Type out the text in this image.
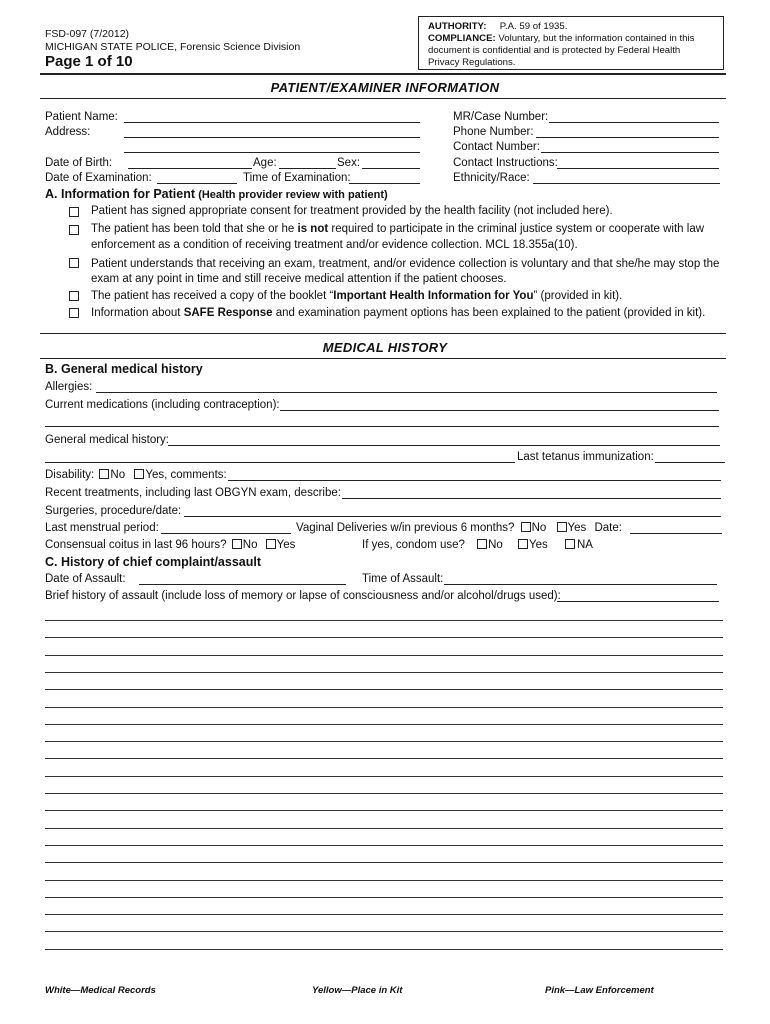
FSD-097 (7/2012)
MICHIGAN STATE POLICE, Forensic Science Division
Page 1 of 10
AUTHORITY: P.A. 59 of 1935.
COMPLIANCE: Voluntary, but the information contained in this
document is confidential and is protected by Federal Health
Privacy Regulations.
PATIENT/EXAMINER INFORMATION
Patient Name:
Address:
Date of Birth:	Age:	Sex:
Date of Examination:	Time of Examination:
MR/Case Number:
Phone Number:
Contact Number:
Contact Instructions:
Ethnicity/Race:
A. Information for Patient (Health provider review with patient)
Patient has signed appropriate consent for treatment provided by the health facility (not included here).
The patient has been told that she or he is not required to participate in the criminal justice system or cooperate with law
enforcement as a condition of receiving treatment and/or evidence collection. MCL 18.355a(10).
Patient understands that receiving an exam, treatment, and/or evidence collection is voluntary and that she/he may stop the
exam at any point in time and still receive medical attention if the patient chooses.
The patient has received a copy of the booklet “Important Health Information for You” (provided in kit).
Information about SAFE Response and examination payment options has been explained to the patient (provided in kit).
MEDICAL HISTORY
B. General medical history
Allergies:
Current medications (including contraception):
General medical history:
Last tetanus immunization:
Disability: No Yes, comments:
Recent treatments, including last OBGYN exam, describe:
Surgeries, procedure/date:
Last menstrual period:	Vaginal Deliveries w/in previous 6 months? No Yes Date:
Consensual coitus in last 96 hours? No Yes	If yes, condom use? No Yes	NA
C. History of chief complaint/assault
Date of Assault:	Time of Assault:
Brief history of assault (include loss of memory or lapse of consciousness and/or alcohol/drugs used):
White—Medical Records	Yellow—Place in Kit	Pink—Law Enforcement
